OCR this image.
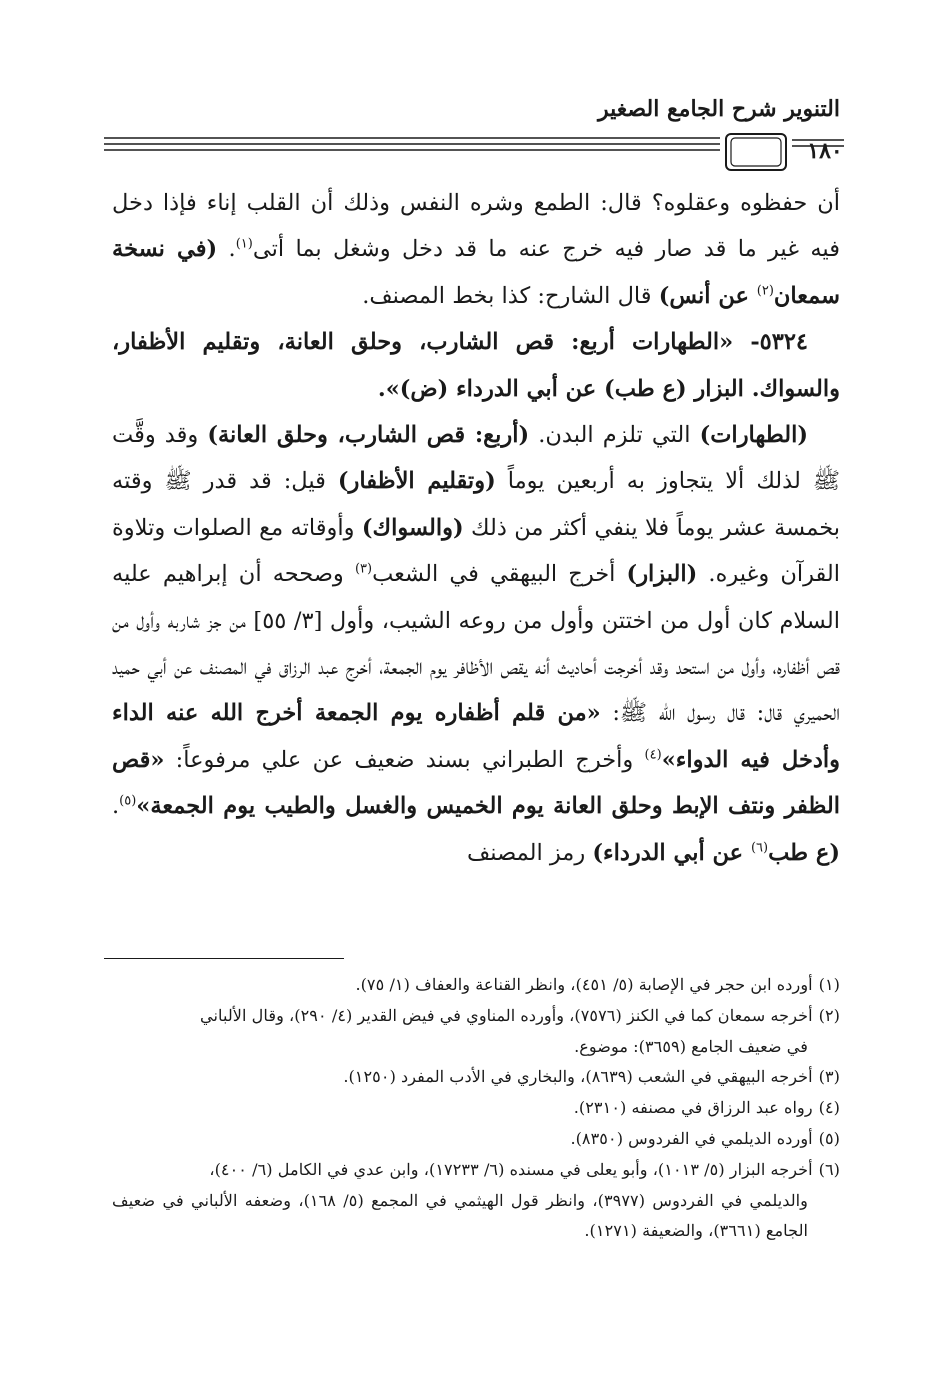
التنوير شرح الجامع الصغير
١٨٠

أن حفظوه وعقلوه؟ قال: الطمع وشره النفس وذلك أن القلب إناء فإذا دخل فيه غير ما قد صار فيه خرج عنه ما قد دخل وشغل بما أتى$^{(١)}$. (في نسخة سمعان$^{(٢)}$ عن أنس) قال الشارح: كذا بخط المصنف.

٥٣٢٤- «الطهارات أربع: قص الشارب، وحلق العانة، وتقليم الأظفار، والسواك. البزار (ع طب) عن أبي الدرداء (ض)».

(الطهارات) التي تلزم البدن. (أربع: قص الشارب، وحلق العانة) وقد وقَّت ﷺ لذلك ألا يتجاوز به أربعين يوماً (وتقليم الأظفار) قيل: قد قدر ﷺ وقته بخمسة عشر يوماً فلا ينفي أكثر من ذلك (والسواك) وأوقاته مع الصلوات وتلاوة القرآن وغيره. (البزار) أخرج البيهقي في الشعب$^{(٣)}$ وصححه أن إبراهيم عليه السلام كان أول من اختتن وأول من روعه الشيب، وأول [٣/ ٥٥] من جز شاربه وأول من قص أظفاره، وأول من استحد وقد أخرجت أحاديث أنه يقص الأظافر يوم الجمعة، أخرج عبد الرزاق في المصنف عن أبي حميد الحميري قال: قال رسول الله ﷺ: «من قلم أظفاره يوم الجمعة أخرج الله عنه الداء وأدخل فيه الدواء»$^{(٤)}$ وأخرج الطبراني بسند ضعيف عن علي مرفوعاً: «قص الظفر ونتف الإبط وحلق العانة يوم الخميس والغسل والطيب يوم الجمعة»$^{(٥)}$. (ع طب$^{(٦)}$ عن أبي الدرداء) رمز المصنف

(١)أورده ابن حجر في الإصابة (٥/ ٤٥١)، وانظر القناعة والعفاف (١/ ٧٥).

(٢)أخرجه سمعان كما في الكنز (٧٥٧٦)، وأورده المناوي في فيض القدير (٤/ ٢٩٠)، وقال الألباني
في ضعيف الجامع (٣٦٥٩): موضوع.

(٣)أخرجه البيهقي في الشعب (٨٦٣٩)، والبخاري في الأدب المفرد (١٢٥٠).

(٤)رواه عبد الرزاق في مصنفه (٢٣١٠).

(٥)أورده الديلمي في الفردوس (٨٣٥٠).

(٦)أخرجه البزار (٥/ ١٠١٣)، وأبو يعلى في مسنده (٦/ ١٧٢٣٣)، وابن عدي في الكامل (٦/ ٤٠٠)،
والديلمي في الفردوس (٣٩٧٧)، وانظر قول الهيثمي في المجمع (٥/ ١٦٨)، وضعفه الألباني في ضعيف الجامع (٣٦٦١)، والضعيفة (١٢٧١).
